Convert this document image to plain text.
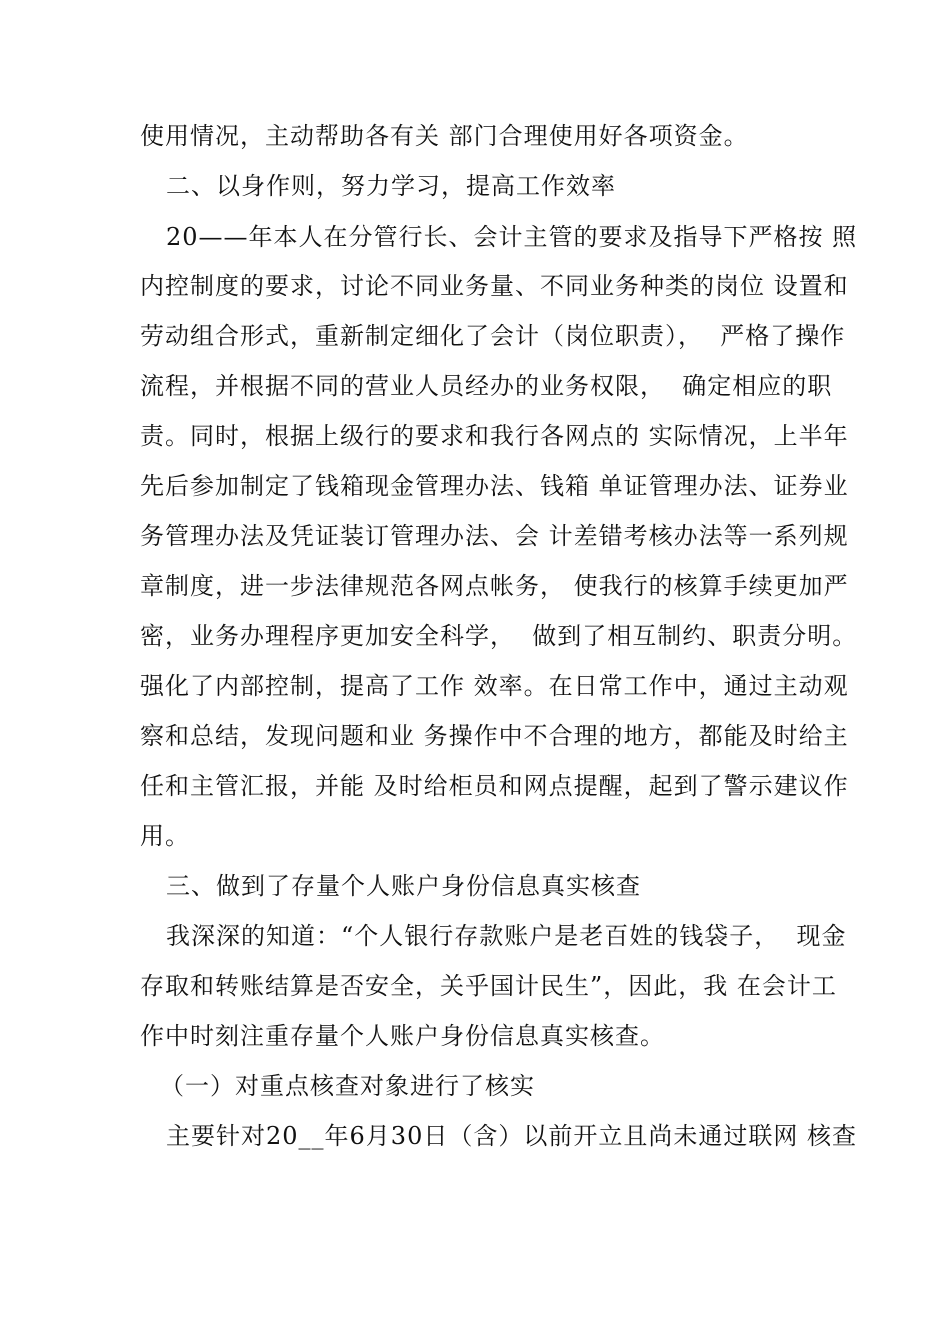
使用情况，主动帮助各有关 部门合理使用好各项资金。
二、以身作则，努力学习，提高工作效率
20——年本人在分管行长、会计主管的要求及指导下严格按 照
内控制度的要求，讨论不同业务量、不同业务种类的岗位 设置和
劳动组合形式，重新制定细化了会计（岗位职责），  严格了操作
流程，并根据不同的营业人员经办的业务权限，  确定相应的职
责。同时，根据上级行的要求和我行各网点的 实际情况，上半年
先后参加制定了钱箱现金管理办法、钱箱 单证管理办法、证券业
务管理办法及凭证装订管理办法、会 计差错考核办法等一系列规
章制度，进一步法律规范各网点帐务， 使我行的核算手续更加严
密，业务办理程序更加安全科学，  做到了相互制约、职责分明。
强化了内部控制，提高了工作 效率。在日常工作中，通过主动观
察和总结，发现问题和业 务操作中不合理的地方，都能及时给主
任和主管汇报，并能 及时给柜员和网点提醒，起到了警示建议作
用。
三、做到了存量个人账户身份信息真实核查
我深深的知道：“个人银行存款账户是老百姓的钱袋子，  现金
存取和转账结算是否安全，关乎国计民生”，因此，我 在会计工
作中时刻注重存量个人账户身份信息真实核查。
（一）对重点核查对象进行了核实
主要针对20__年6月30日（含）以前开立且尚未通过联网 核查
